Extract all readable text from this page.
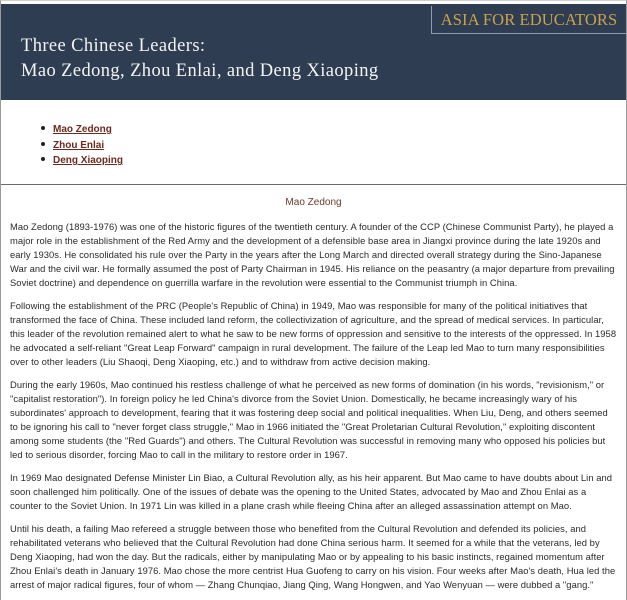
ASIA FOR EDUCATORS
Three Chinese Leaders:
Mao Zedong, Zhou Enlai, and Deng Xiaoping
Mao Zedong
Zhou Enlai
Deng Xiaoping
Mao Zedong

Mao Zedong (1893-1976) was one of the historic figures of the twentieth century. A founder of the CCP (Chinese Communist Party), he played a major role in the establishment of the Red Army and the development of a defensible base area in Jiangxi province during the late 1920s and early 1930s. He consolidated his rule over the Party in the years after the Long March and directed overall strategy during the Sino-Japanese War and the civil war. He formally assumed the post of Party Chairman in 1945. His reliance on the peasantry (a major departure from prevailing Soviet doctrine) and dependence on guerrilla warfare in the revolution were essential to the Communist triumph in China.

Following the establishment of the PRC (People's Republic of China) in 1949, Mao was responsible for many of the political initiatives that transformed the face of China. These included land reform, the collectivization of agriculture, and the spread of medical services. In particular, this leader of the revolution remained alert to what he saw to be new forms of oppression and sensitive to the interests of the oppressed. In 1958 he advocated a self-reliant "Great Leap Forward" campaign in rural development. The failure of the Leap led Mao to turn many responsibilities over to other leaders (Liu Shaoqi, Deng Xiaoping, etc.) and to withdraw from active decision making.

During the early 1960s, Mao continued his restless challenge of what he perceived as new forms of domination (in his words, "revisionism," or "capitalist restoration"). In foreign policy he led China's divorce from the Soviet Union. Domestically, he became increasingly wary of his subordinates' approach to development, fearing that it was fostering deep social and political inequalities. When Liu, Deng, and others seemed to be ignoring his call to "never forget class struggle," Mao in 1966 initiated the "Great Proletarian Cultural Revolution," exploiting discontent among some students (the "Red Guards") and others. The Cultural Revolution was successful in removing many who opposed his policies but led to serious disorder, forcing Mao to call in the military to restore order in 1967.

In 1969 Mao designated Defense Minister Lin Biao, a Cultural Revolution ally, as his heir apparent. But Mao came to have doubts about Lin and soon challenged him politically. One of the issues of debate was the opening to the United States, advocated by Mao and Zhou Enlai as a counter to the Soviet Union. In 1971 Lin was killed in a plane crash while fleeing China after an alleged assassination attempt on Mao.

Until his death, a failing Mao refereed a struggle between those who benefited from the Cultural Revolution and defended its policies, and rehabilitated veterans who believed that the Cultural Revolution had done China serious harm. It seemed for a while that the veterans, led by Deng Xiaoping, had won the day. But the radicals, either by manipulating Mao or by appealing to his basic instincts, regained momentum after Zhou Enlai's death in January 1976. Mao chose the more centrist Hua Guofeng to carry on his vision. Four weeks after Mao's death, Hua led the arrest of major radical figures, four of whom — Zhang Chunqiao, Jiang Qing, Wang Hongwen, and Yao Wenyuan — were dubbed a "gang."
